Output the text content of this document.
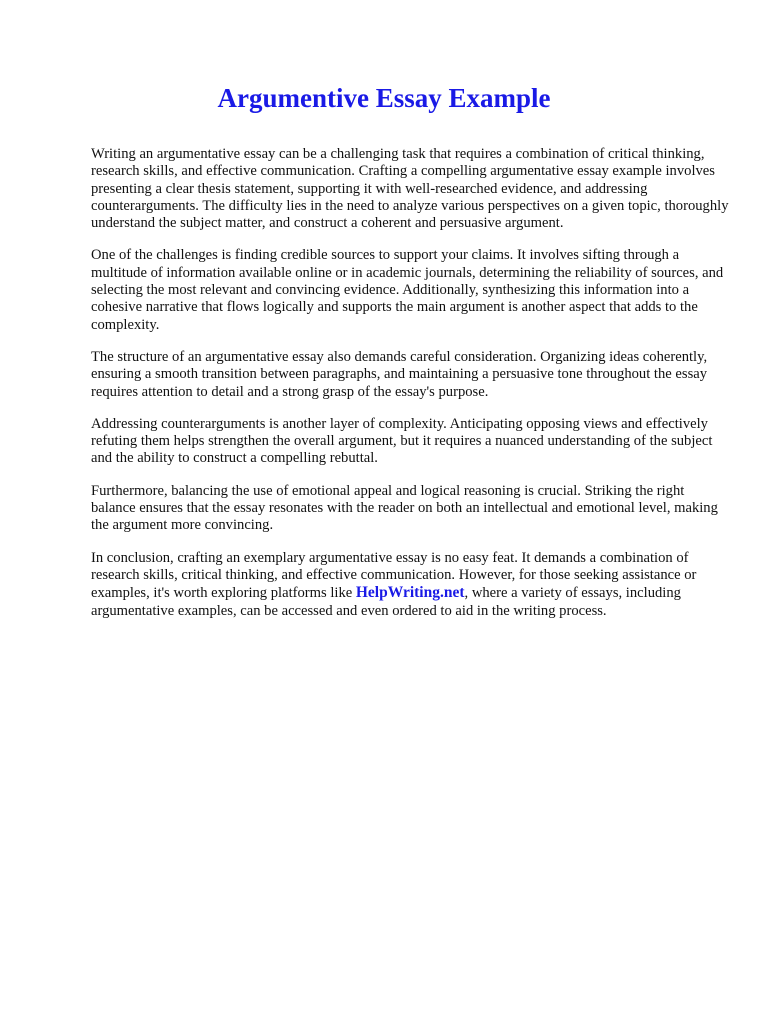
Argumentive Essay Example

Writing an argumentative essay can be a challenging task that requires a combination of critical thinking, research skills, and effective communication. Crafting a compelling argumentative essay example involves presenting a clear thesis statement, supporting it with well-researched evidence, and addressing counterarguments. The difficulty lies in the need to analyze various perspectives on a given topic, thoroughly understand the subject matter, and construct a coherent and persuasive argument.

One of the challenges is finding credible sources to support your claims. It involves sifting through a multitude of information available online or in academic journals, determining the reliability of sources, and selecting the most relevant and convincing evidence. Additionally, synthesizing this information into a cohesive narrative that flows logically and supports the main argument is another aspect that adds to the complexity.

The structure of an argumentative essay also demands careful consideration. Organizing ideas coherently, ensuring a smooth transition between paragraphs, and maintaining a persuasive tone throughout the essay requires attention to detail and a strong grasp of the essay's purpose.

Addressing counterarguments is another layer of complexity. Anticipating opposing views and effectively refuting them helps strengthen the overall argument, but it requires a nuanced understanding of the subject and the ability to construct a compelling rebuttal.

Furthermore, balancing the use of emotional appeal and logical reasoning is crucial. Striking the right balance ensures that the essay resonates with the reader on both an intellectual and emotional level, making the argument more convincing.

In conclusion, crafting an exemplary argumentative essay is no easy feat. It demands a combination of research skills, critical thinking, and effective communication. However, for those seeking assistance or examples, it's worth exploring platforms like HelpWriting.net, where a variety of essays, including argumentative examples, can be accessed and even ordered to aid in the writing process.
